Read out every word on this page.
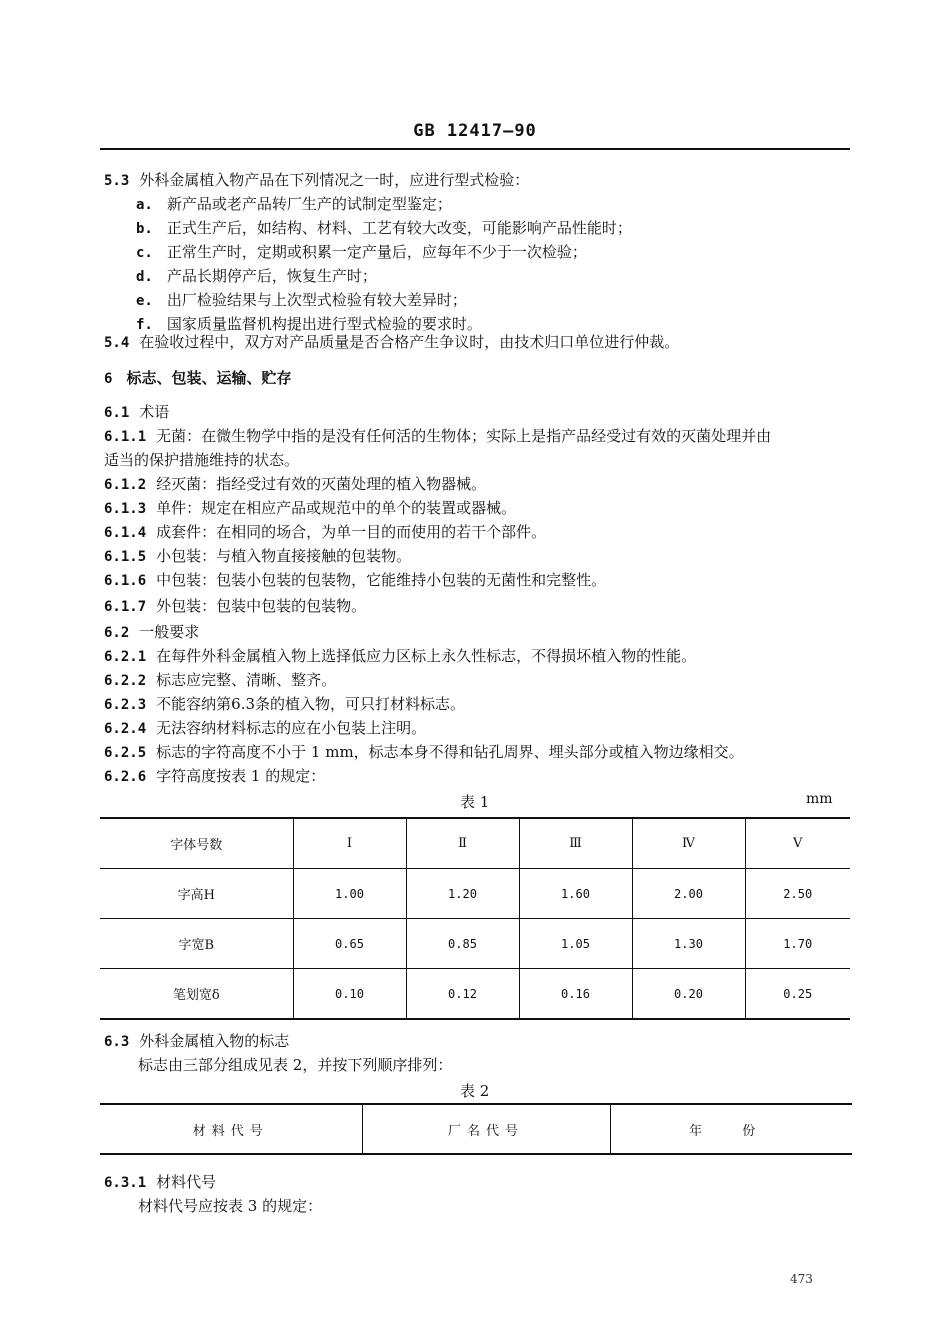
GB 12417—90
5.3 外科金属植入物产品在下列情况之一时，应进行型式检验：
a. 新产品或老产品转厂生产的试制定型鉴定；
b. 正式生产后，如结构、材料、工艺有较大改变，可能影响产品性能时；
c. 正常生产时，定期或积累一定产量后，应每年不少于一次检验；
d. 产品长期停产后，恢复生产时；
e. 出厂检验结果与上次型式检验有较大差异时；
f. 国家质量监督机构提出进行型式检验的要求时。
5.4 在验收过程中，双方对产品质量是否合格产生争议时，由技术归口单位进行仲裁。
6 标志、包装、运输、贮存
6.1 术语
6.1.1 无菌：在微生物学中指的是没有任何活的生物体；实际上是指产品经受过有效的灭菌处理并由
适当的保护措施维持的状态。
6.1.2 经灭菌：指经受过有效的灭菌处理的植入物器械。
6.1.3 单件：规定在相应产品或规范中的单个的装置或器械。
6.1.4 成套件：在相同的场合，为单一目的而使用的若干个部件。
6.1.5 小包装：与植入物直接接触的包装物。
6.1.6 中包装：包装小包装的包装物，它能维持小包装的无菌性和完整性。
6.1.7 外包装：包装中包装的包装物。
6.2 一般要求
6.2.1 在每件外科金属植入物上选择低应力区标上永久性标志，不得损坏植入物的性能。
6.2.2 标志应完整、清晰、整齐。
6.2.3 不能容纳第6.3条的植入物，可只打材料标志。
6.2.4 无法容纳材料标志的应在小包装上注明。
6.2.5 标志的字符高度不小于 1 mm，标志本身不得和钻孔周界、埋头部分或植入物边缘相交。
6.2.6 字符高度按表 1 的规定：
表 1	mm
字体号数	Ⅰ	Ⅱ	Ⅲ	Ⅳ	Ⅴ
字高H	1.00	1.20	1.60	2.00	2.50
字宽B	0.65	0.85	1.05	1.30	1.70
笔划宽δ	0.10	0.12	0.16	0.20	0.25
6.3 外科金属植入物的标志
标志由三部分组成见表 2，并按下列顺序排列：
表 2
材料代号	厂名代号	年 份
6.3.1 材料代号
材料代号应按表 3 的规定：
473
